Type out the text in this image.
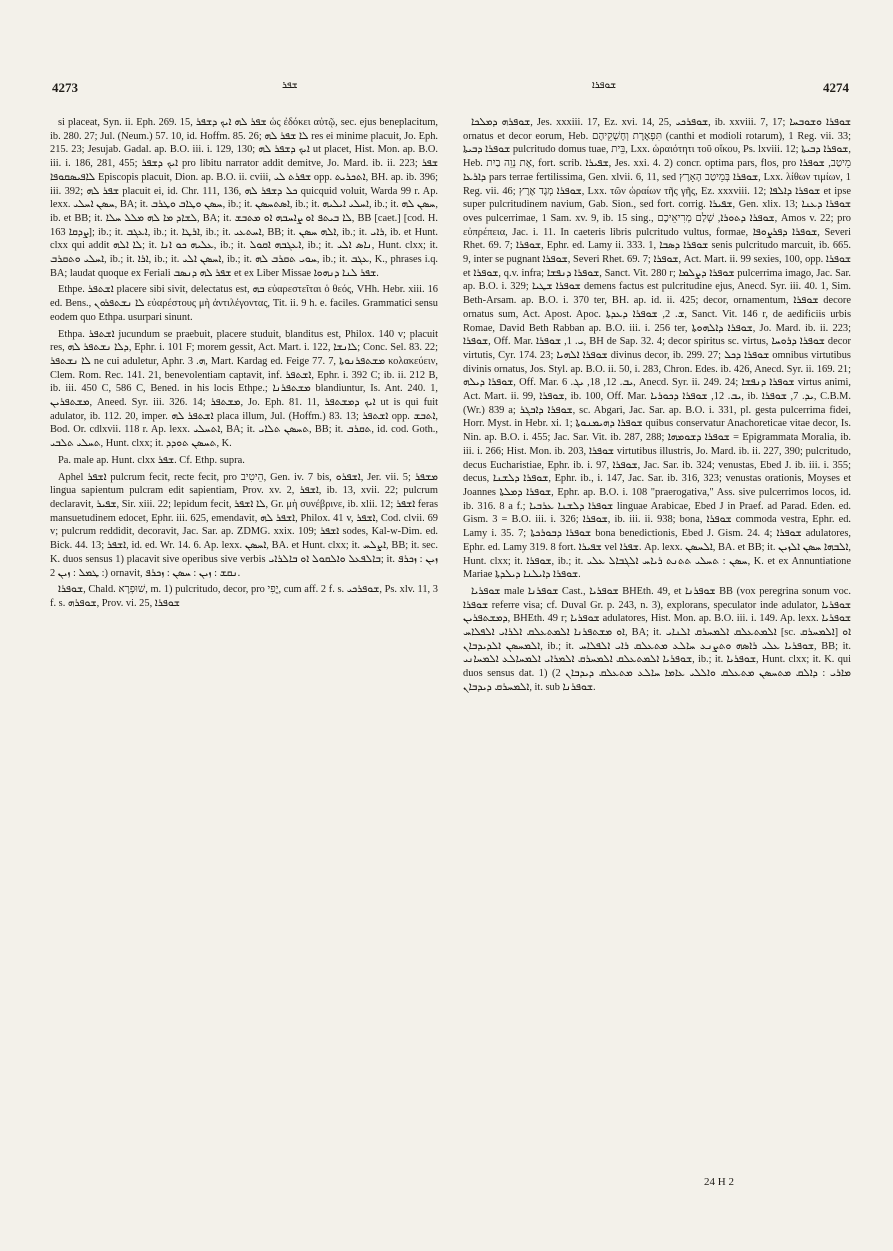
4273	ܫܦܪ	ܫܘܦܪܐ	4274

si placeat, Syn. ii. Eph. 269. 15, ܫܦܪ ܠܗ ܐܝܟ ܕܫܦܪ ὡς ἐδόκει αὐτῷ, sec. ejus beneplacitum, ib. 280. 27; Jul. (Neum.) 57. 10, id. Hoffm. 85. 26; ܠܐ ܫܦܪ ܠܗ res ei minime placuit, Jo. Eph. 215. 23; Jesujab. Gadal. ap. B.O. iii. i. 129, 130; ܐܝܟ ܕܫܦܪ ܠܗ ut placet, Hist. Mon. ap. B.O. iii. i. 186, 281, 455; ܐܝܟ ܕܫܦܪ pro libitu narrator addit demitve, Jo. Mard. ib. ii. 223; ܫܦܪ ܠܐܦܝܣܩܘܦܐ Episcopis placuit, Dion. ap. B.O. ii. cviii, ܫܦܪܬ ܠܝ opp. ܐܬܟܪܝܬ, BH. ap. ib. 396; iii. 392; ܫܦܪ ܠܗ placuit ei, id. Chr. 111, 136, ܟܠ ܕܫܦܪ ܠܗ quicquid voluit, Warda 99 r. Ap. lexx. ܚܣܢ ܐܚܠܝ, BA; it. ܚܣܢ ܘܛܐܒ ܘܛܪܒ, ib.; it. ܐܣܬܚܣܢ, ib.; it. ܐܚܠܝ ܐܝܠܝܗ, ib.; it. ܚܣܢ ܠܗ, ib. et BB; it. ܠܫܐܕ ܡܐ ܠܗ ܡܠܠ ܚܠܐ, BA; it. ܠܐ ܒܝܬܦ ܐܘ ܨܐܚܒܗ ܐܘ ܡܬܒܫ, BB [caet.] [cod. H. 163 ܨܕܩܐ]; ib.; it. ܐܥܓܒ, ib.; it. ܐܪܛܐ, ib.; it. ܐܚܬܥܝ, BB; it. ܐܠܗ ܚܣܢ, ib.; it. ܪܐܝ, ib. et Hunt. clxx qui addit ܠܐ ܐܠܗ; it. ܥܠܝܗ ܟܘ ܐܢܐ, ib.; it. ܐܥܓܒܗ ܐܩܘܠ, ib.; it. ܢܐܣ ܐܠܝ, Hunt. clxx; it. ܐܚܠܝ ܘܬܩܪܒ, ib.; it. ܐܪܐ, ib.; it. ܐܚܣܢ ܐܠܝ, ib.; it. ܚܘܝ ܬܩܪܒ ܠܗ, ib.; it. ܥܓܒ, K., phrases i.q. BA; laudat quoque ex Feriali ܫܦܪ ܠܗ ܕܢܣܒ et ex Liber Missae ܫܦܪ ܠܢܐ ܕܢܗܘܐ.

Ethpe. ܐܫܬܦܪ placere sibi sivit, delectatus est, ܒܗ εὐαρεστεῖται ὁ θεός, VHh. Hebr. xiii. 16 ed. Bens., ܠܐ ܢܫܬܦܪܘܢ εὐαρέστους μὴ ἀντιλέγοντας, Tit. ii. 9 h. e. faciles. Grammatici sensu eodem quo Ethpa. usurpari sinunt.

Ethpa. ܐܫܬܦܪ jucundum se praebuit, placere studuit, blanditus est, Philox. 140 v; placuit res, ܕܠܐ ܢܫܬܦܪ ܠܗ, Ephr. i. 101 F; morem gessit, Act. Mart. i. 122, ܠܐܢܫܐ; Conc. Sel. 83. 22; ܠܐ ܢܫܬܦܪ ne cui aduletur, Aphr. ܗ. 3, Mart. Kardag ed. Feige 77. 7, ܡܫܬܦܪܢܘܬܐ κολακεύειν, Clem. Rom. Rec. 141. 21, benevolentiam captavit, inf. ܐܫܬܦܪ, Ephr. i. 392 C; ib. ii. 212 B, ib. iii. 450 C, 586 C, Bened. in his locis Ethpe.; ܡܫܬܦܪܢܐ blandiuntur, Is. Ant. 240. 1, ܡܫܬܦܪܝܢ, Aneed. Syr. iii. 326. 14; ܡܫܬܦܪ, Jo. Eph. 81. 11, ܐܝܟ ܕܡܫܬܦܪ ut is qui fuit adulator, ib. 112. 20, imper. ܐܫܬܦܪ ܠܗ placa illum, Jul. (Hoffm.) 83. 13; ܐܫܬܦܪ opp. ܐܬܒܫ, Bod. Or. cdlxvii. 118 r. Ap. lexx. ܐܬܚܠܝ, BA; it. ܬܚܣܢ ܬܠܐܝ, BB; it. ܬܩܪܒ, id. cod. Goth., ܬܚܠܝ ܬܠܒܝ, Hunt. clxx; it. ܬܚܣܢ ܬܘܕܕ, K.

Pa. male ap. Hunt. clxx ܫܦܪ. Cf. Ethp. supra.

Aphel ܐܫܦܪ pulcrum fecit, recte fecit, pro הֵיטִיב, Gen. iv. 7 bis, ܐܫܦܪܘ, Jer. vii. 5; ܡܫܦܪ lingua sapientum pulcram edit sapientiam, Prov. xv. 2, ܐܫܦܪ, ib. 13, xvii. 22; pulcrum declaravit, ܫܦܝܪ, Sir. xiii. 22; lepidum fecit, ܠܐ ܐܫܦܪ, Gr. μὴ συνέβρινε, ib. xlii. 12; ܐܫܦܪ feras mansuetudinem edocet, Ephr. iii. 625, emendavit, ܐܫܦܪ ܠܗ, Philox. 41 v, ܐܫܦܪ, Cod. clvii. 69 v; pulcrum reddidit, decoravit, Jac. Sar. ap. ZDMG. xxix. 109; ܐܫܦܪ sodes, Kal-w-Dim. ed. Bick. 44. 13; ܐܫܦܪ, id. ed. Wr. 14. 6. Ap. lexx. ܐܚܣܢ, BA. et Hunt. clxx; it. ܐܨܠܚ, BB; it. sec. K. duos sensus 1) placavit sive operibus sive verbis ܒܐܠܦܥܠ ܘܐܠܩܘܠ ܐܘ ܒܐܠܪܐܝ; it. ܙܝܢ : ܙܟܪܦ : ܛܡܠ : ܙܝܢ 2) ornavit, ܢܩܫ : ܙܝܢ : ܚܣܢ : ܙܟܪܦ.

ܫܘܦܪܐ, Chald. שׁוּפְרָא, m. 1) pulcritudo, decor, pro יֳפִי, cum aff. 2 f. s. ܫܘܦܪܟܝ, Ps. xlv. 11, 3 f. s. ܫܘܦܪܗ, Prov. vi. 25, ܫܘܦܪܐ

ܫܘܦܪܗ ܕܡܠܟܐ, Jes. xxxiii. 17, Ez. xvi. 14, 25, ܫܘܦܪܟܝ, ib. xxviii. 7, 17; ܫܘܦܪܐ ܘܫܘܒܚܐ ornatus et decor eorum, Heb. תִּפְאֶרֶת וְחֶשְׁקֵיהֶם (canthi et modioli rotarum), 1 Reg. vii. 33; ܫܘܦܪܐ ܕܒܝܬܐ pulcritudo domus tuae, בֵּית, Lxx. ὡραιότητι τοῦ οἴκου, Ps. lxviii. 12; ܫܘܦܪܐ ܕܒܝܬܐ, Heb. אֶת נְוֵה בַיִת, fort. scrib. ܫܦܝܪܐ, Jes. xxi. 4. 2) concr. optima pars, flos, pro מֵיטַב, ܫܘܦܪܐ ܕܐܪܥܐ pars terrae fertilissima, Gen. xlvii. 6, 11, sed ܫܘܦܪܐ בְּמֵיטַב הָאָרֶץ, Lxx. λίθων τιμίων, 1 Reg. vii. 46; ܫܘܦܪܐ מְגֶד אֶרֶץ, Lxx. τῶν ὡραίων τῆς γῆς, Ez. xxxviii. 12; ܫܘܦܪܐ ܕܐܠܦܐ et ipse super pulcritudinem navium, Gab. Sion., sed fort. corrig. ܫܦܝܪܐ, Gen. xlix. 13; ܫܘܦܪܐ ܕܥܢܐ oves pulcerrimae, 1 Sam. xv. 9, ib. 15 sing., ܫܘܦܪܐ ܕܬܘܪܐ, שְׁלַם מְרִיאֵיכֶם, Amos v. 22; pro εὐπρέπεια, Jac. i. 11. In caeteris libris pulcritudo vultus, formae, ܫܘܦܪܐ ܕܦܪܨܘܦܐ, Severi Rhet. 69. 7; ܫܘܦܪܐ, Ephr. ed. Lamy ii. 333. 1, ܫܘܦܪܐ ܕܣܒܐ senis pulcritudo marcuit, ib. 665. 9, inter se pugnant ܫܘܦܪܐ, Severi Rhet. 69. 7; ܫܘܦܪܐ, Act. Mart. ii. 99 sexies, 100, opp. ܫܘܦܪܐ et ܫܘܦܪܐ, q.v. infra; ܫܘܦܪܐ ܕܢܦܫܐ, Sanct. Vit. 280 r; ܫܘܦܪܐ ܕܨܠܡܐ pulcerrima imago, Jac. Sar. ap. B.O. i. 329; ܫܘܦܪܐ ܫܛܝܐ demens factus est pulcritudine ejus, Anecd. Syr. iii. 40. 1, Sim. Beth-Arsam. ap. B.O. i. 370 ter, BH. ap. id. ii. 425; decor, ornamentum, ܫܘܦܪܐ decore ornatus sum, Act. Apost. Apoc. ܫ. 2, ܫܘܦܪܐ ܕܥܕܬܐ, Sanct. Vit. 146 r, de aedificiis urbis Romae, David Beth Rabban ap. B.O. iii. i. 256 ter, ܫܘܦܪܐ ܕܐܠܗܘܬܐ, Jo. Mard. ib. ii. 223; ܫܘܦܪܐ, Off. Mar. ܝ. 1, ܫܘܦܪܐ, BH de Sap. 32. 4; decor spiritus sc. virtus, ܫܘܦܪܐ ܕܪܘܚܐ decor virtutis, Cyr. 174. 23; ܫܘܦܪܐ ܐܠܗܝܐ divinus decor, ib. 299. 27; ܫܘܦܪܐ ܕܟܠ omnibus virtutibus divinis ornatus, Jos. Styl. ap. B.O. ii. 50, i. 283, Chron. Edes. ib. 426, Anecd. Syr. ii. 169. 21; ܫܘܦܪܐ ܕܝܠܗ, Off. Mar. ܝܒ. 12, 18, ܝܓ. 6, Anecd. Syr. ii. 249. 24; ܫܘܦܪܐ ܕܢܦܫܐ virtus animi, Act. Mart. ii. 99, ܫܘܦܪܐ, ib. 100, Off. Mar. ܝܒ. 12, ܫܘܦܪܐ ܕܟܘܪܝܐ, ib. ܝܕ. 7, ܫܘܦܪܐ, C.B.M. (Wr.) 839 a; ܫܘܦܪܐ ܕܐܒܓܪ, sc. Abgari, Jac. Sar. ap. B.O. i. 331, pl. gesta pulcerrima fidei, Horr. Myst. in Hebr. xi. 1; ܫܘܦܪܐ ܕܗܝܡܢܘܬܐ quibus conservatur Anachoreticae vitae decor, Is. Nin. ap. B.O. i. 455; Jac. Sar. Vit. ib. 287, 288; ܫܘܦܪܐ ܕܫܘܡܗܐ = Epigrammata Moralia, ib. iii. i. 266; Hist. Mon. ib. 203, ܫܘܦܪܐ virtutibus illustris, Jo. Mard. ib. ii. 227, 390; pulcritudo, decus Eucharistiae, Ephr. ib. i. 97, ܫܘܦܪܐ, Jac. Sar. ib. 324; venustas, Ebed J. ib. iii. i. 355; decus, ܫܘܦܪܐ ܕܠܫܢܐ, Ephr. ib., i. 147, Jac. Sar. ib. 316, 323; venustas orationis, Moyses et Joannes ܫܘܦܪܐ ܕܡܠܬܐ, Ephr. ap. B.O. i. 108 "praerogativa," Ass. sive pulcerrimos locos, id. ib. 316. 8 a f.; ܫܘܦܪܐ ܕܠܫܢܐ ܥܪܒܝܐ linguae Arabicae, Ebed J in Praef. ad Parad. Eden. ed. Gism. 3 = B.O. iii. i. 326; ܫܘܦܪܐ, ib. iii. ii. 938; bona, ܫܘܦܪܐ commoda vestra, Ephr. ed. Lamy i. 35. 7; ܫܘܦܪܐ ܕܒܘܪܟܬܐ bona benedictionis, Ebed J. Gism. 24. 4; ܫܘܦܪܐ adulatores, Ephr. ed. Lamy 319. 8 fort. ܫܦܝܪܐ vel ܫܦܪܐ. Ap. lexx. ܐܠܚܣܢ, BA. et BB; it. ܐܠܒܗܐ ܚܣܢ ܐܠܙܝܢ, Hunt. clxx; it. ܫܘܦܪܐ, ib.; it. ܚܣܢ : ܬܚܠܝ ܬܬܢܬ ܪܝܐܚ ܐܠܓܒܐܠ ܥܠܝ, K. et ex Annuntiatione Mariae ܫܘܦܪܐ ܕܐܝܠܢܐ ܕܝܠܕܬܐ.

ܫܘܦܪܝܐ male ܫܘܦܪܢܐ Cast., ܫܘܦܪܝܐ BHEth. 49, et ܫܘܦܪܢܐ BB (vox peregrina sonum voc. ܫܘܦܪܐ referre visa; cf. Duval Gr. p. 243, n. 3), explorans, speculator inde adulator, ܫܘܦܪܝܐ ܕܡܫܬܦܪܝܢ, BHEth. 49 r; ܫܘܦܪܝܐ adulatores, Hist. Mon. ap. B.O. iii. i. 149. Ap. lexx. ܫܘܦܪܝܐ ܐܘ ܡܫܬܦܪܢܐ ܐܠܡܬܥܠܩ ܐܠܪܐܝ ܐܠܦܠܐܚ, BA; it. ܐܠܡܬܥܠܩ ܐܠܡܚܪܩ ܐܠܢܐܝ [sc. ܐܠܡܚܪܩ] ܐܘ ܐܠܡܚܣܢ ܐܠܕܝܕܒܐܢ, ib.; it. ܫܘܦܪܝܐ ܥܠܝ ܪܐܣܗ ܘܬܨܢܥ ܚܐܠܥ ܡܬܥܠܩ ܪܐܝ ܐܠܦܠܐܚ, BB; it. ܫܘܦܪܝܐ ܐܠܡܬܥܠܩ ܐܠܡܚܪܩ ܐܠܡܪܐܝ ܐܠܡܚܐܠܥ ܐܠܡܚܐܢܝ, ib.; it. ܫܘܦܪܝܐ, Hunt. clxx; it. K. qui duos sensus dat. 1) ܡܐܪܝ : ܕܐܠܩ ܡܬܚܣܢ ܡܬܥܠܩ ܘܐܠܠܝ ܥܐܡܐ ܚܐܠܥ ܡܬܥܠܩ ܕܝܕܒܐܢ 2) ܐܠܡܚܪܩ ܕܝܕܒܐܢ, it. sub ܫܘܦܪܢܐ.

24 H 2
